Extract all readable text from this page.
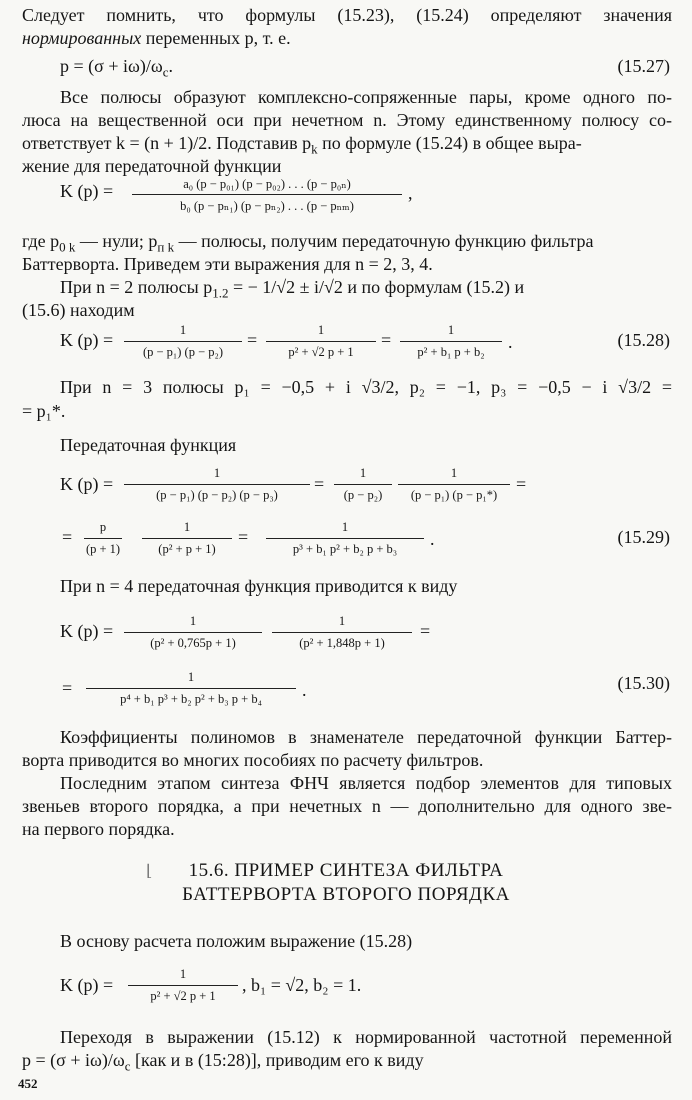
Следует помнить, что формулы (15.23), (15.24) определяют значения
нормированных переменных p, т. е.
$p = (\sigma + i\omega)/\omega_c$.	(15.27)
Все полюсы образуют комплексно-сопряженные пары, кроме одного по-
люса на вещественной оси при нечетном n. Этому единственному полюсу со-
ответствует k = (n + 1)/2. Подставив $p_k$ по формуле (15.24) в общее выра-
жение для передаточной функции
K (p) =	a₀ (p − p₀₁) (p − p₀₂) . . . (p − p₀ₙ)
b₀ (p − pₙ₁) (p − pₙ₂) . . . (p − pₙₘ)
,
где $p_{0 k}$ — нули; $p_{п k}$ — полюсы, получим передаточную функцию фильтра
Баттерворта. Приведем эти выражения для n = 2, 3, 4.
При n = 2 полюсы $p_{1.2}$ = − 1/√2 ± i/√2 и по формулам (15.2) и
(15.6) находим
K (p) =	1
(p − p₁) (p − p₂)
=	1
p² + √2 p + 1
=	1
p² + b₁ p + b₂	.	(15.28)
При n = 3 полюсы p₁ = −0,5 + i √3/2, p₂ = −1, p₃ = −0,5 − i √3/2 =
= p₁*.
Передаточная функция
K (p) =
1
(p − p₁) (p − p₂) (p − p₃)
=
1
(p − p₂)
1
(p − p₁) (p − p₁*)
=
=	p
(p + 1)
1
(p² + p + 1)
=	1
p³ + b₁ p² + b₂ p + b₃	.	(15.29)
При n = 4 передаточная функция приводится к виду
K (p) =	1
(p² + 0,765p + 1)
1
(p² + 1,848p + 1)
=
=
1
p⁴ + b₁ p³ + b₂ p² + b₃ p + b₄	.	(15.30)
Коэффициенты полиномов в знаменателе передаточной функции Баттер-
ворта приводится во многих пособиях по расчету фильтров.
Последним этапом синтеза ФНЧ является подбор элементов для типовых
звеньев второго порядка, а при нечетных n — дополнительно для одного зве-
на первого порядка.
⌊	15.6. ПРИМЕР СИНТЕЗА ФИЛЬТРА
БАТТЕРВОРТА ВТОРОГО ПОРЯДКА
В основу расчета положим выражение (15.28)
K (p) =
1
p² + √2 p + 1
, b₁ = √2, b₂ = 1.
Переходя в выражении (15.12) к нормированной частотной переменной
$p = (\sigma + i\omega)/\omega_c$ [как и в (15:28)], приводим его к виду
452
